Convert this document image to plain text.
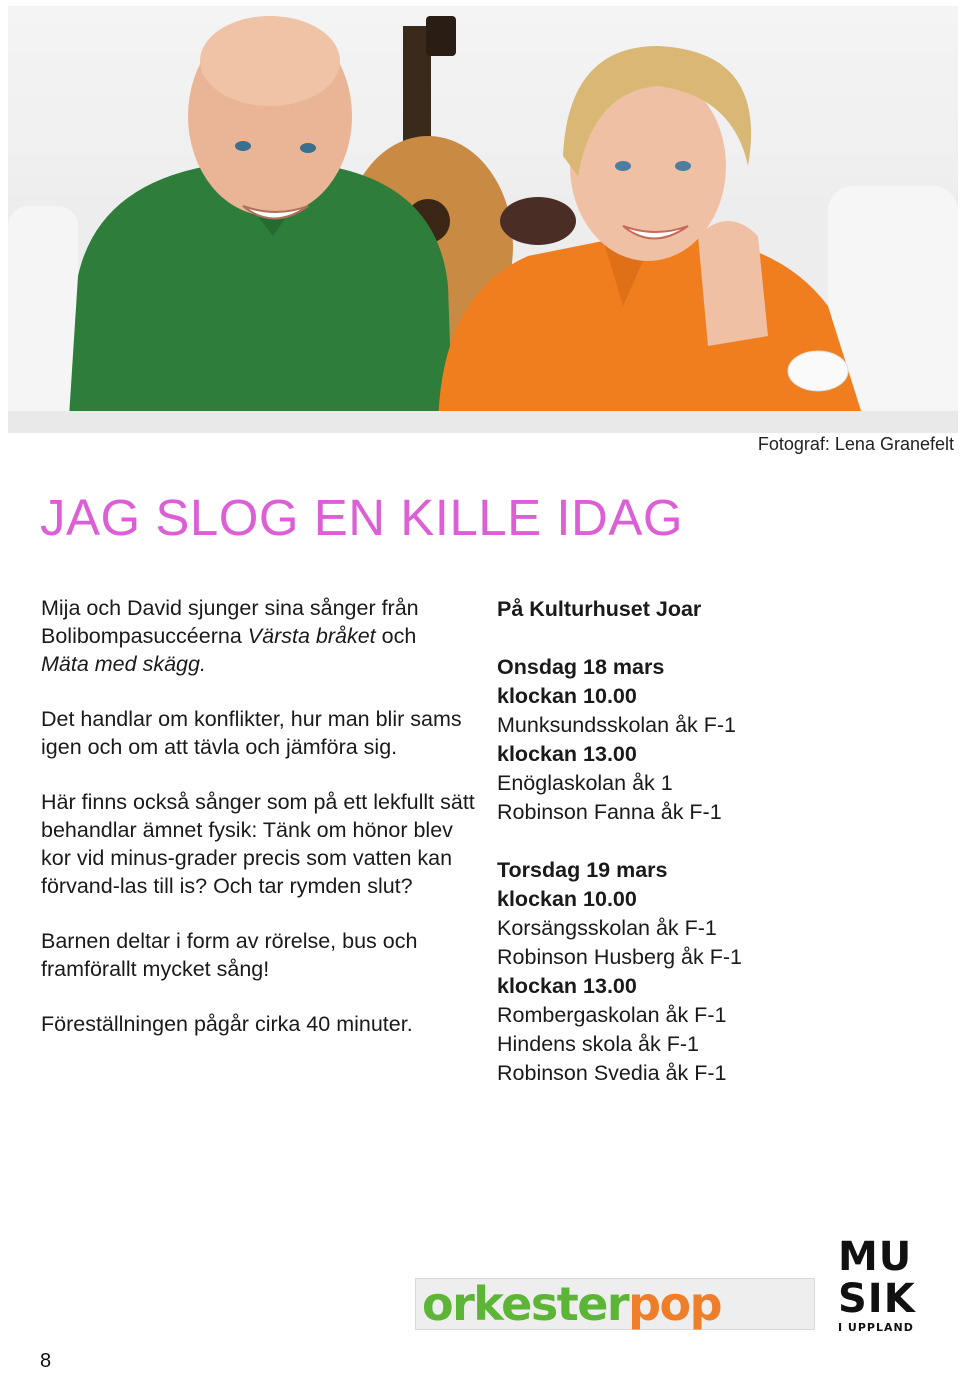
Fotograf: Lena Granefelt
JAG SLOG EN KILLE IDAG

Mija och David sjunger sina sånger från Bolibompasuccéerna Värsta bråket och
Mäta med skägg.

Det handlar om konflikter, hur man blir sams igen och om att tävla och jämföra sig.

Här finns också sånger som på ett lekfullt sätt behandlar ämnet fysik: Tänk om hönor blev kor vid minus-grader precis som vatten kan förvand-las till is? Och tar rymden slut?

Barnen deltar i form av rörelse, bus och framförallt mycket sång!

Föreställningen pågår cirka 40 minuter.

På Kulturhuset Joar
Onsdag 18 mars
klockan 10.00
Munksundsskolan åk F-1
klockan 13.00
Enöglaskolan åk 1
Robinson Fanna åk F-1
Torsdag 19 mars
klockan 10.00
Korsängsskolan åk F-1
Robinson Husberg åk F-1
klockan 13.00
Rombergaskolan åk F-1
Hindens skola åk F-1
Robinson Svedia åk F-1
orkesterpop
MU
SIK
I UPPLAND
8
